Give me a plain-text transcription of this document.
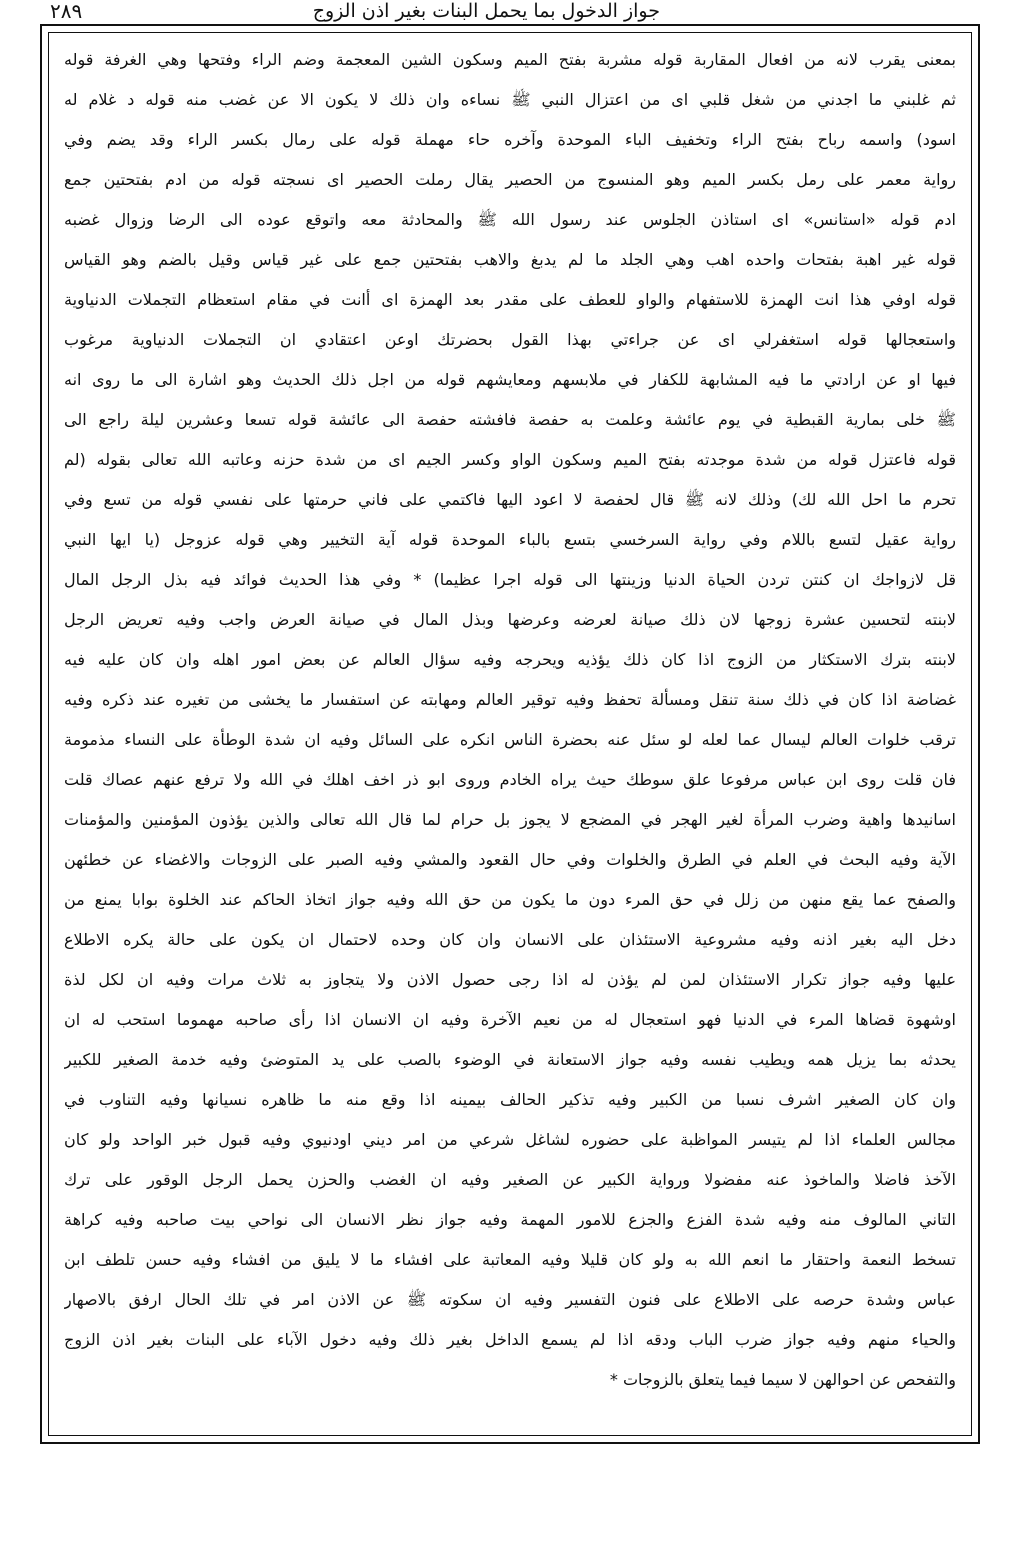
جواز الدخول بما يحمل البنات بغير اذن الزوج
٢٨٩
بمعنى يقرب لانه من افعال المقاربة قوله مشربة بفتح الميم وسكون الشين المعجمة وضم الراء وفتحها وهي الغرفة قوله
ثم غلبني ما اجدني من شغل قلبي اى من اعتزال النبي ﷺ نساءه وان ذلك لا يكون الا عن غضب منه قوله د غلام له
اسود) واسمه رباح بفتح الراء وتخفيف الباء الموحدة وآخره حاء مهملة قوله على رمال بكسر الراء وقد يضم وفي
رواية معمر على رمل بكسر الميم وهو المنسوج من الحصير يقال رملت الحصير اى نسجته قوله من ادم بفتحتين جمع
ادم قوله «استانس» اى استاذن الجلوس عند رسول الله ﷺ والمحادثة معه واتوقع عوده الى الرضا وزوال غضبه
قوله غير اهبة بفتحات واحده اهب وهي الجلد ما لم يدبغ والاهب بفتحتين جمع على غير قياس وقيل بالضم وهو القياس
قوله اوفي هذا انت الهمزة للاستفهام والواو للعطف على مقدر بعد الهمزة اى أانت في مقام استعظام التجملات الدنياوية
واستعجالها قوله استغفرلي اى عن جراءتي بهذا القول بحضرتك اوعن اعتقادي ان التجملات الدنياوية مرغوب
فيها او عن ارادتي ما فيه المشابهة للكفار في ملابسهم ومعايشهم قوله من اجل ذلك الحديث وهو اشارة الى ما روى انه
ﷺ خلى بمارية القبطية في يوم عائشة وعلمت به حفصة فافشته حفصة الى عائشة قوله تسعا وعشرين ليلة راجع الى
قوله فاعتزل قوله من شدة موجدته بفتح الميم وسكون الواو وكسر الجيم اى من شدة حزنه وعاتبه الله تعالى بقوله (لم
تحرم ما احل الله لك) وذلك لانه ﷺ قال لحفصة لا اعود اليها فاكتمي على فاني حرمتها على نفسي قوله من تسع وفي
رواية عقيل لتسع باللام وفي رواية السرخسي بتسع بالباء الموحدة قوله آية التخيير وهي قوله عزوجل (يا ايها النبي
قل لازواجك ان كنتن تردن الحياة الدنيا وزينتها الى قوله اجرا عظيما) * وفي هذا الحديث فوائد فيه بذل الرجل المال
لابنته لتحسين عشرة زوجها لان ذلك صيانة لعرضه وعرضها وبذل المال في صيانة العرض واجب وفيه تعريض الرجل
لابنته بترك الاستكثار من الزوج اذا كان ذلك يؤذيه ويحرجه وفيه سؤال العالم عن بعض امور اهله وان كان عليه فيه
غضاضة اذا كان في ذلك سنة تنقل ومسألة تحفظ وفيه توقير العالم ومهابته عن استفسار ما يخشى من تغيره عند ذكره وفيه
ترقب خلوات العالم ليسال عما لعله لو سئل عنه بحضرة الناس انكره على السائل وفيه ان شدة الوطأة على النساء مذمومة
فان قلت روى ابن عباس مرفوعا علق سوطك حيث يراه الخادم وروى ابو ذر اخف اهلك في الله ولا ترفع عنهم عصاك قلت
اسانيدها واهية وضرب المرأة لغير الهجر في المضجع لا يجوز بل حرام لما قال الله تعالى والذين يؤذون المؤمنين والمؤمنات
الآية وفيه البحث في العلم في الطرق والخلوات وفي حال القعود والمشي وفيه الصبر على الزوجات والاغضاء عن خطئهن
والصفح عما يقع منهن من زلل في حق المرء دون ما يكون من حق الله وفيه جواز اتخاذ الحاكم عند الخلوة بوابا يمنع من
دخل اليه بغير اذنه وفيه مشروعية الاستئذان على الانسان وان كان وحده لاحتمال ان يكون على حالة يكره الاطلاع
عليها وفيه جواز تكرار الاستئذان لمن لم يؤذن له اذا رجى حصول الاذن ولا يتجاوز به ثلاث مرات وفيه ان لكل لذة
اوشهوة قضاها المرء في الدنيا فهو استعجال له من نعيم الآخرة وفيه ان الانسان اذا رأى صاحبه مهموما استحب له ان
يحدثه بما يزيل همه ويطيب نفسه وفيه جواز الاستعانة في الوضوء بالصب على يد المتوضئ وفيه خدمة الصغير للكبير
وان كان الصغير اشرف نسبا من الكبير وفيه تذكير الحالف بيمينه اذا وقع منه ما ظاهره نسيانها وفيه التناوب في
مجالس العلماء اذا لم يتيسر المواظبة على حضوره لشاغل شرعي من امر ديني اودنيوي وفيه قبول خبر الواحد ولو كان
الآخذ فاضلا والماخوذ عنه مفضولا ورواية الكبير عن الصغير وفيه ان الغضب والحزن يحمل الرجل الوقور على ترك
التاني المالوف منه وفيه شدة الفزع والجزع للامور المهمة وفيه جواز نظر الانسان الى نواحي بيت صاحبه وفيه كراهة
تسخط النعمة واحتقار ما انعم الله به ولو كان قليلا وفيه المعاتبة على افشاء ما لا يليق من افشاء وفيه حسن تلطف ابن
عباس وشدة حرصه على الاطلاع على فنون التفسير وفيه ان سكوته ﷺ عن الاذن امر في تلك الحال ارفق بالاصهار
والحياء منهم وفيه جواز ضرب الباب ودقه اذا لم يسمع الداخل بغير ذلك وفيه دخول الآباء على البنات بغير اذن الزوج
والتفحص عن احوالهن لا سيما فيما يتعلق بالزوجات *
